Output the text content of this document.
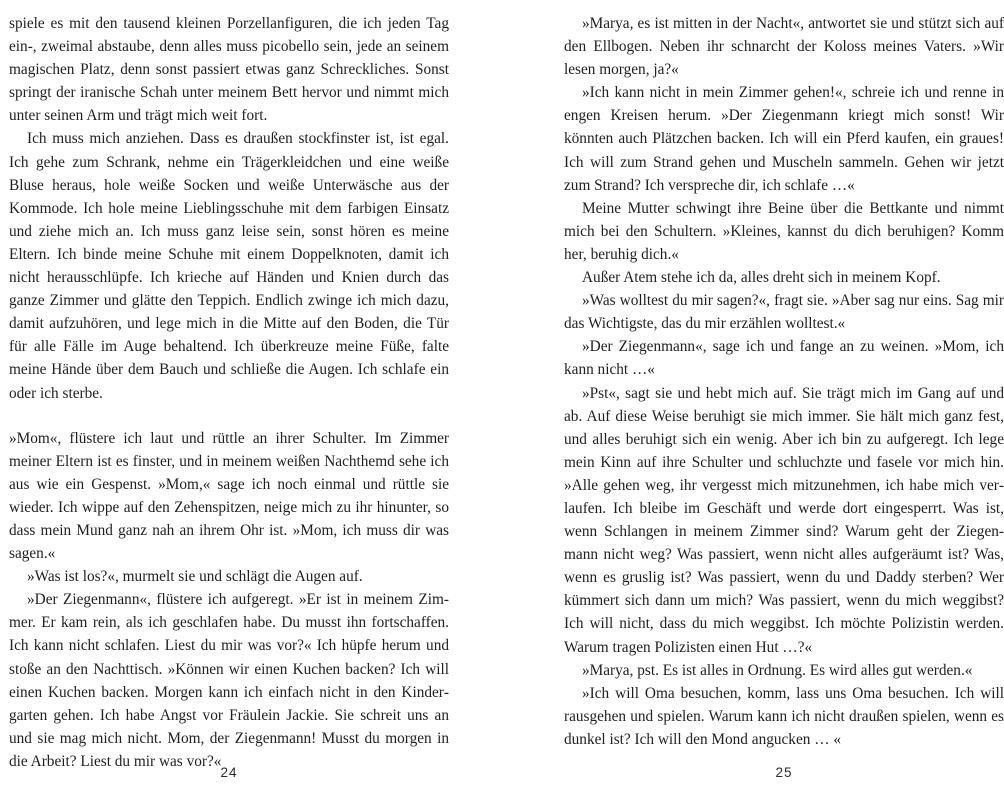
spiele es mit den tausend kleinen Porzellanfiguren, die ich jeden Tag ein-, zweimal abstaube, denn alles muss picobello sein, jede an seinem magischen Platz, denn sonst passiert etwas ganz Schreckliches. Sonst springt der iranische Schah unter meinem Bett hervor und nimmt mich unter seinen Arm und trägt mich weit fort.

Ich muss mich anziehen. Dass es draußen stockfinster ist, ist egal. Ich gehe zum Schrank, nehme ein Trägerkleidchen und eine weiße Bluse heraus, hole weiße Socken und weiße Unterwäsche aus der Kommode. Ich hole meine Lieblingsschuhe mit dem farbigen Einsatz und ziehe mich an. Ich muss ganz leise sein, sonst hören es meine Eltern. Ich binde meine Schuhe mit einem Doppelknoten, damit ich nicht herausschlüpfe. Ich krieche auf Händen und Knien durch das ganze Zimmer und glätte den Teppich. Endlich zwinge ich mich dazu, damit aufzuhören, und lege mich in die Mitte auf den Boden, die Tür für alle Fälle im Auge behaltend. Ich überkreuze meine Füße, falte meine Hände über dem Bauch und schließe die Augen. Ich schlafe ein oder ich sterbe.

»Mom«, flüstere ich laut und rüttle an ihrer Schulter. Im Zimmer meiner Eltern ist es finster, und in meinem weißen Nachthemd sehe ich aus wie ein Gespenst. »Mom,« sage ich noch einmal und rüttle sie wieder. Ich wippe auf den Zehenspitzen, neige mich zu ihr hinunter, so dass mein Mund ganz nah an ihrem Ohr ist. »Mom, ich muss dir was sagen.«

»Was ist los?«, murmelt sie und schlägt die Augen auf.

»Der Ziegenmann«, flüstere ich aufgeregt. »Er ist in meinem Zimmer. Er kam rein, als ich geschlafen habe. Du musst ihn fortschaffen. Ich kann nicht schlafen. Liest du mir was vor?« Ich hüpfe herum und stoße an den Nachttisch. »Können wir einen Kuchen backen? Ich will einen Kuchen backen. Morgen kann ich einfach nicht in den Kindergarten gehen. Ich habe Angst vor Fräulein Jackie. Sie schreit uns an und sie mag mich nicht. Mom, der Ziegenmann! Musst du morgen in die Arbeit? Liest du mir was vor?«

24

»Marya, es ist mitten in der Nacht«, antwortet sie und stützt sich auf den Ellbogen. Neben ihr schnarcht der Koloss meines Vaters. »Wir lesen morgen, ja?«

»Ich kann nicht in mein Zimmer gehen!«, schreie ich und renne in engen Kreisen herum. »Der Ziegenmann kriegt mich sonst! Wir könnten auch Plätzchen backen. Ich will ein Pferd kaufen, ein graues! Ich will zum Strand gehen und Muscheln sammeln. Gehen wir jetzt zum Strand? Ich verspreche dir, ich schlafe …«

Meine Mutter schwingt ihre Beine über die Bettkante und nimmt mich bei den Schultern. »Kleines, kannst du dich beruhigen? Komm her, beruhig dich.«

Außer Atem stehe ich da, alles dreht sich in meinem Kopf.

»Was wolltest du mir sagen?«, fragt sie. »Aber sag nur eins. Sag mir das Wichtigste, das du mir erzählen wolltest.«

»Der Ziegenmann«, sage ich und fange an zu weinen. »Mom, ich kann nicht …«

»Pst«, sagt sie und hebt mich auf. Sie trägt mich im Gang auf und ab. Auf diese Weise beruhigt sie mich immer. Sie hält mich ganz fest, und alles beruhigt sich ein wenig. Aber ich bin zu aufgeregt. Ich lege mein Kinn auf ihre Schulter und schluchzte und fasele vor mich hin. »Alle gehen weg, ihr vergesst mich mitzunehmen, ich habe mich verlaufen. Ich bleibe im Geschäft und werde dort eingesperrt. Was ist, wenn Schlangen in meinem Zimmer sind? Warum geht der Ziegenmann nicht weg? Was passiert, wenn nicht alles aufgeräumt ist? Was, wenn es gruslig ist? Was passiert, wenn du und Daddy sterben? Wer kümmert sich dann um mich? Was passiert, wenn du mich weggibst? Ich will nicht, dass du mich weggibst. Ich möchte Polizistin werden. Warum tragen Polizisten einen Hut …?«

»Marya, pst. Es ist alles in Ordnung. Es wird alles gut werden.«

»Ich will Oma besuchen, komm, lass uns Oma besuchen. Ich will rausgehen und spielen. Warum kann ich nicht draußen spielen, wenn es dunkel ist? Ich will den Mond angucken … «

25
